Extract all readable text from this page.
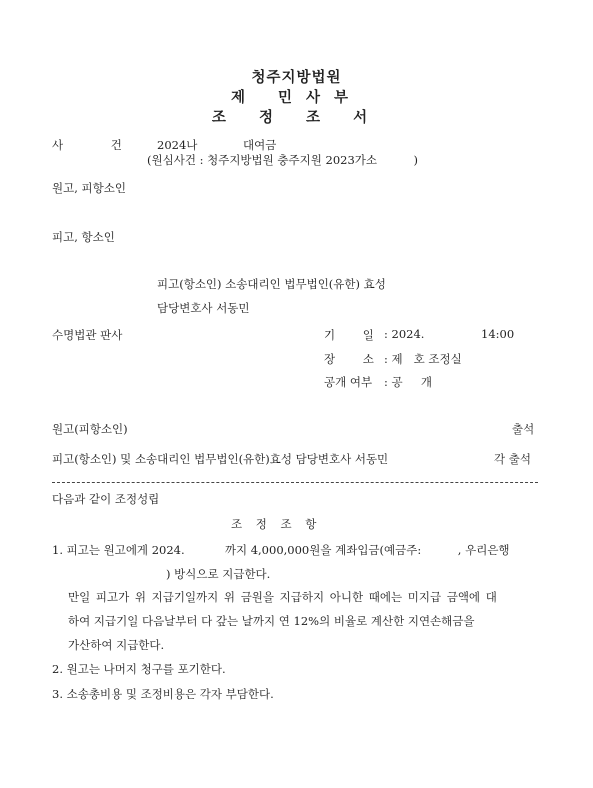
청주지방법원
제 민사부
조 정 조 서
사 건	2024나	대여금
(원심사건 : 청주지방법원 충주지원 2023가소          )
원고, 피항소인
피고, 항소인
피고(항소인) 소송대리인 법무법인(유한) 효성
담당변호사 서동민
수명법관 판사	기 일 : 2024.	14:00
장 소 : 제   호 조정실
공개 여부 : 공     개
원고(피항소인)	출석
피고(항소인) 및 소송대리인 법무법인(유한)효성 담당변호사 서동민	각 출석
다음과 같이 조정성립
조 정 조 항
1. 피고는 원고에게 2024.           까지 4,000,000원을 계좌입금(예금주:          , 우리은행
) 방식으로 지급한다.
만일 피고가 위 지급기일까지 위 금원을 지급하지 아니한 때에는 미지급 금액에 대
하여 지급기일 다음날부터 다 갚는 날까지 연 12%의 비율로 계산한 지연손해금을
가산하여 지급한다.
2. 원고는 나머지 청구를 포기한다.
3. 소송총비용 및 조정비용은 각자 부담한다.
